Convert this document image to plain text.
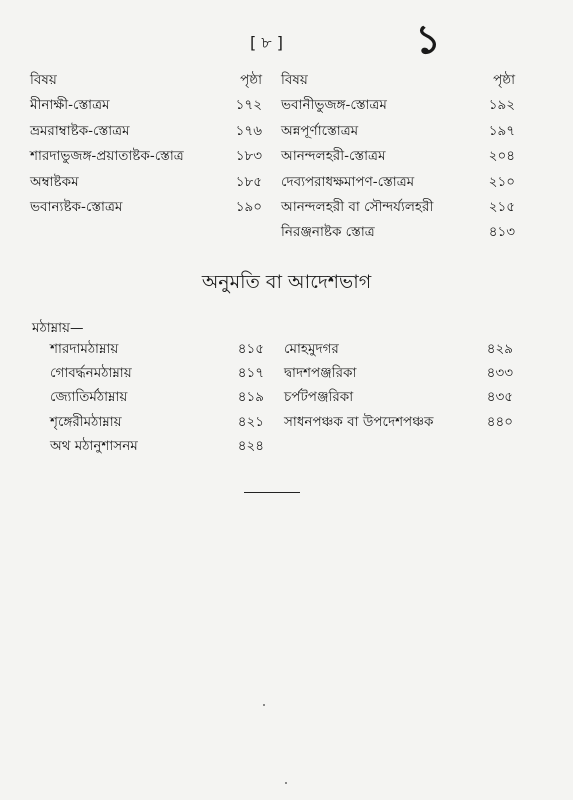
[ ৮ ]	১
বিষয়	পৃষ্ঠা
মীনাক্ষী-স্তোত্রম	১৭২
ভ্রমরাম্বাষ্টক-স্তোত্রম	১৭৬
শারদাভুজঙ্গ-প্রয়াতাষ্টক-স্তোত্র	১৮৩
অম্বাষ্টকম	১৮৫
ভবান্যষ্টক-স্তোত্রম	১৯০
বিষয়	পৃষ্ঠা
ভবানীভুজঙ্গ-স্তোত্রম	১৯২
অন্নপূর্ণাস্তোত্রম	১৯৭
আনন্দলহরী-স্তোত্রম	২০৪
দেব্যপরাধক্ষমাপণ-স্তোত্রম	২১০
আনন্দলহরী বা সৌন্দর্য্যলহরী	২১৫
নিরঞ্জনাষ্টক স্তোত্র	৪১৩
অনুমতি বা আদেশভাগ
মঠাম্নায়—
শারদামঠাম্নায়	৪১৫
গোবর্দ্ধনমঠাম্নায়	৪১৭
জ্যোতির্মঠাম্নায়	৪১৯
শৃঙ্গেরীমঠাম্নায়	৪২১
অথ মঠানুশাসনম	৪২৪
মোহমুদগর	৪২৯
দ্বাদশপঞ্জরিকা	৪৩৩
চর্পটপঞ্জরিকা	৪৩৫
সাধনপঞ্চক বা উপদেশপঞ্চক	৪৪০
